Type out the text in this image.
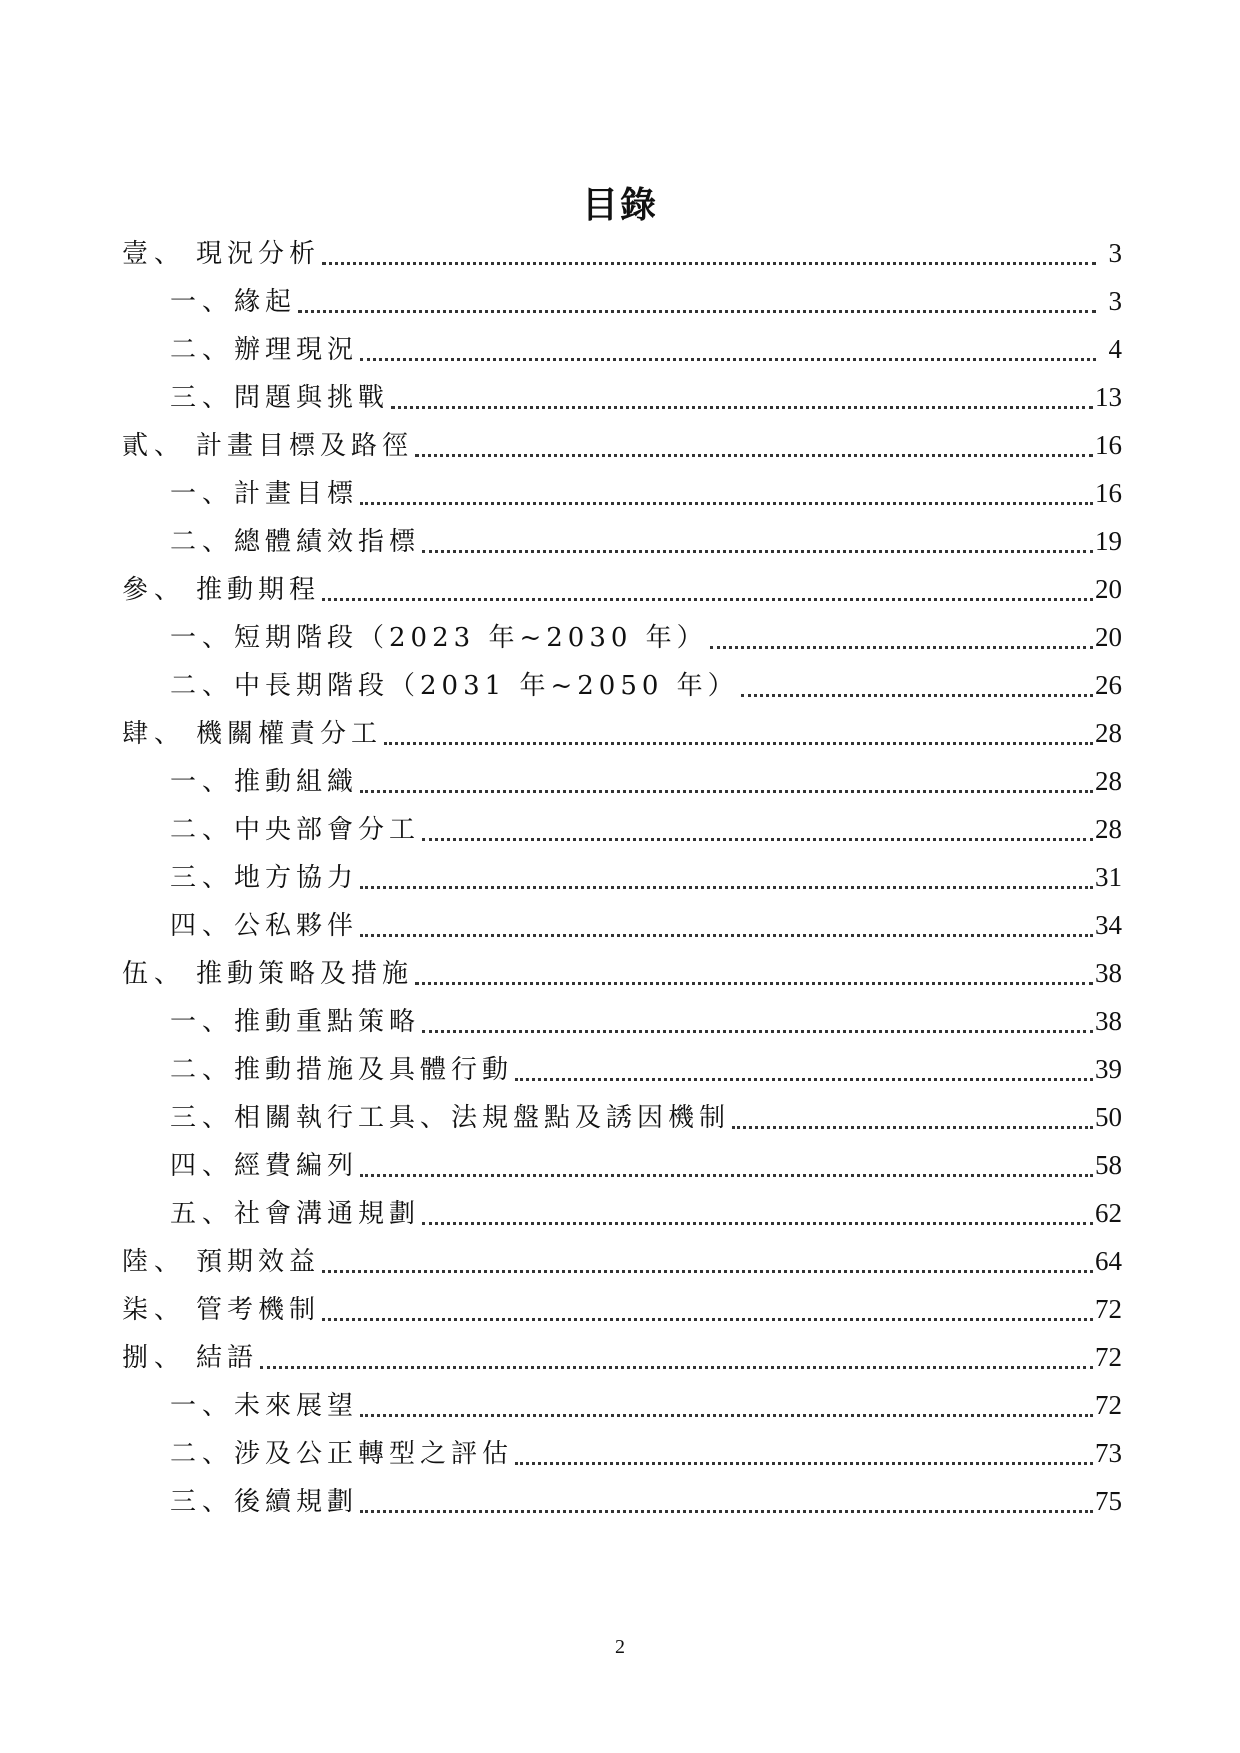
目錄
壹、 現況分析	3
一、 緣起	3
二、 辦理現況	4
三、 問題與挑戰	13
貳、 計畫目標及路徑	16
一、 計畫目標	16
二、 總體績效指標	19
參、 推動期程	20
一、 短期階段（2023 年~2030 年）	20
二、 中長期階段（2031 年~2050 年）	26
肆、 機關權責分工	28
一、 推動組織	28
二、 中央部會分工	28
三、 地方協力	31
四、 公私夥伴	34
伍、 推動策略及措施	38
一、 推動重點策略	38
二、 推動措施及具體行動	39
三、 相關執行工具、法規盤點及誘因機制	50
四、 經費編列	58
五、 社會溝通規劃	62
陸、 預期效益	64
柒、 管考機制	72
捌、 結語	72
一、 未來展望	72
二、 涉及公正轉型之評估	73
三、 後續規劃	75
2
